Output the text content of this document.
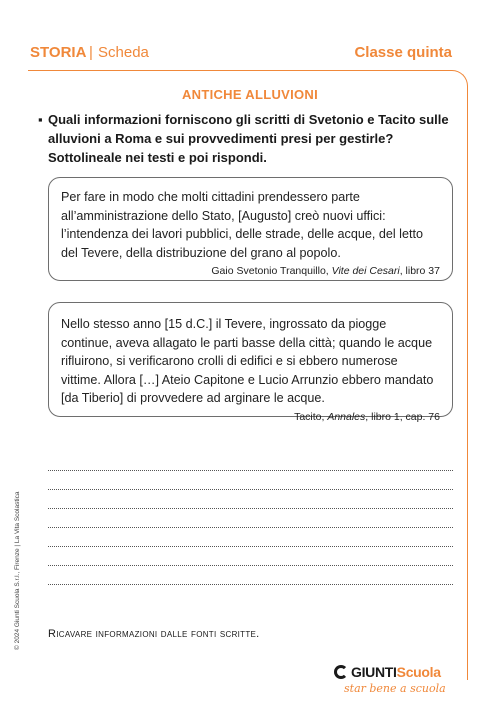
STORIA | Scheda	Classe quinta
ANTICHE ALLUVIONI
▪ Quali informazioni forniscono gli scritti di Svetonio e Tacito sulle alluvioni a Roma e sui provvedimenti presi per gestirle? Sottolineale nei testi e poi rispondi.
Per fare in modo che molti cittadini prendessero parte all’amministrazione dello Stato, [Augusto] creò nuovi uffici: l’intendenza dei lavori pubblici, delle strade, delle acque, del letto del Tevere, della distribuzione del grano al popolo.
Gaio Svetonio Tranquillo, Vite dei Cesari, libro 37
Nello stesso anno [15 d.C.] il Tevere, ingrossato da piogge continue, aveva allagato le parti basse della città; quando le acque rifluirono, si verificarono crolli di edifici e si ebbero numerose vittime. Allora […] Ateio Capitone e Lucio Arrunzio ebbero mandato [da Tiberio] di provvedere ad arginare le acque.
Tacito, Annales, libro 1, cap. 76
Ricavare informazioni dalle fonti scritte.
© 2024 Giunti Scuola S.r.l., Firenze | La Vita Scolastica
GIUNTI Scuola
star bene a scuola
